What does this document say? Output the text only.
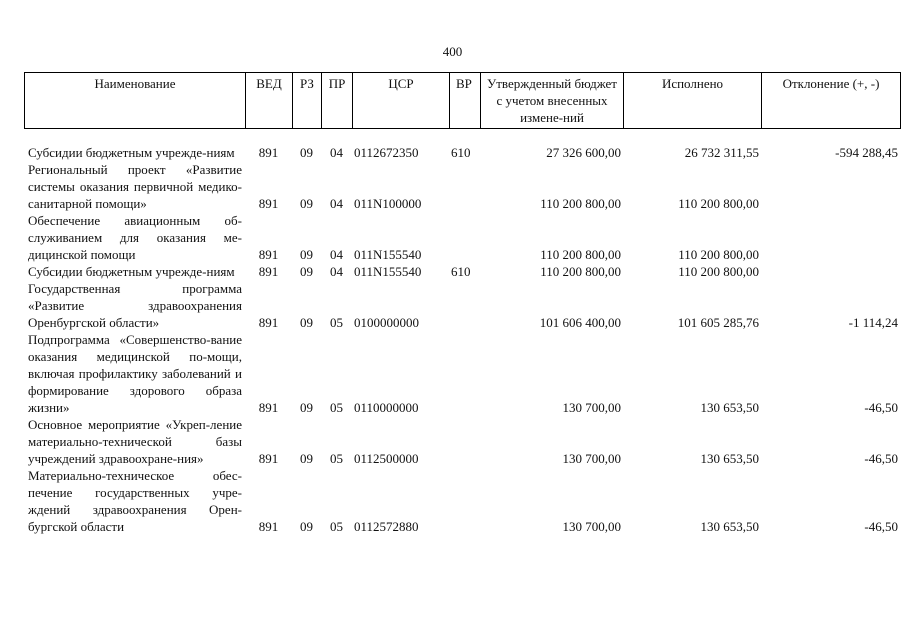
400
Наименование	ВЕД	РЗ	ПР	ЦСР	ВР	Утвержденный бюджет с учетом внесенных измене-ний	Исполнено	Отклонение (+, -)
Субсидии бюджетным учрежде-ниям	891	09	04	0112672350	610	27 326 600,00	26 732 311,55	-594 288,45
Региональный проект «Развитие системы оказания первичной медико-санитарной помощи»	891	09	04	011N100000		110 200 800,00	110 200 800,00	
Обеспечение авиационным об-служиванием для оказания ме-дицинской помощи	891	09	04	011N155540		110 200 800,00	110 200 800,00	
Субсидии бюджетным учрежде-ниям	891	09	04	011N155540	610	110 200 800,00	110 200 800,00	
Государственная программа «Развитие здравоохранения Оренбургской области»	891	09	05	0100000000		101 606 400,00	101 605 285,76	-1 114,24
Подпрограмма «Совершенство-вание оказания медицинской по-мощи, включая профилактику заболеваний и формирование здорового образа жизни»	891	09	05	0110000000		130 700,00	130 653,50	-46,50
Основное мероприятие «Укреп-ление материально-технической базы учреждений здравоохране-ния»	891	09	05	0112500000		130 700,00	130 653,50	-46,50
Материально-техническое обес-печение государственных учре-ждений здравоохранения Орен-бургской области	891	09	05	0112572880		130 700,00	130 653,50	-46,50
